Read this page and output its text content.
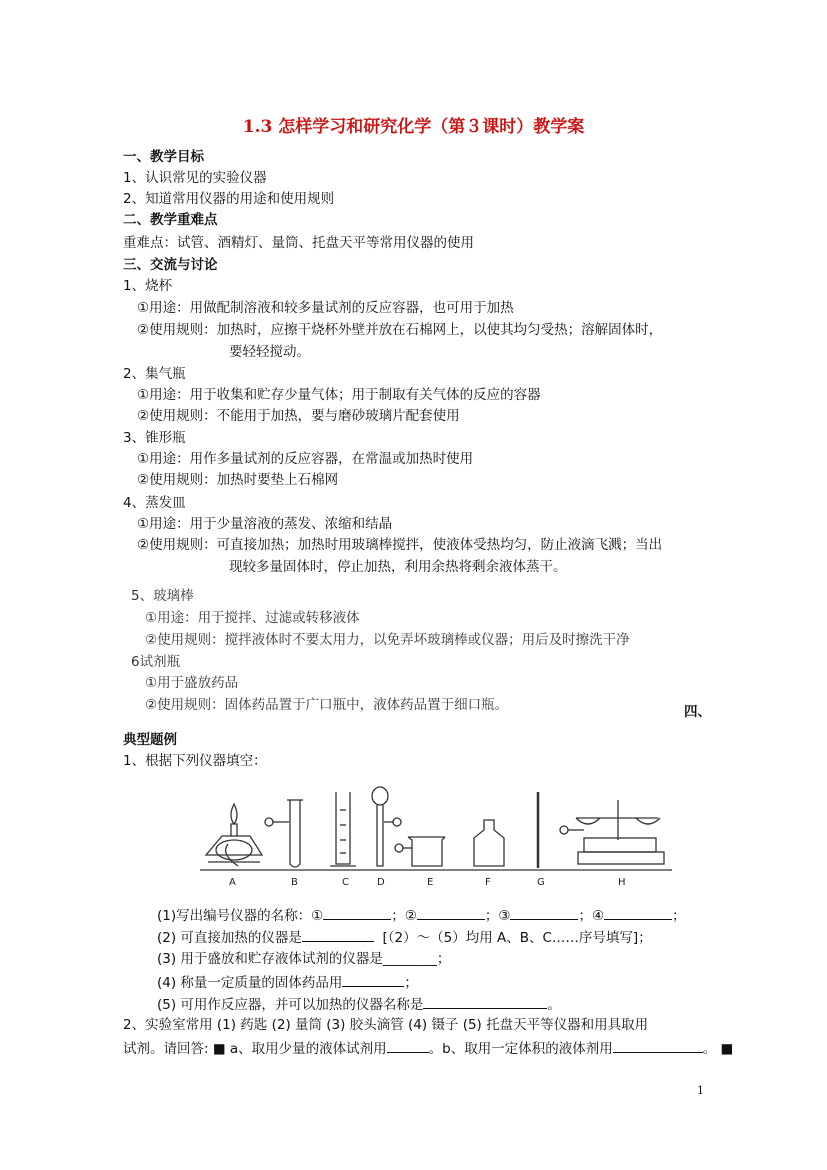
1.3 怎样学习和研究化学（第３课时）教学案
一、教学目标
1、认识常见的实验仪器
2、知道常用仪器的用途和使用规则
二、教学重难点
重难点：试管、酒精灯、量筒、托盘天平等常用仪器的使用
三、交流与讨论
1、烧杯
①用途：用做配制溶液和较多量试剂的反应容器，也可用于加热
②使用规则：加热时，应擦干烧杯外壁并放在石棉网上，以使其均匀受热；溶解固体时，
要轻轻搅动。
2、集气瓶
①用途：用于收集和贮存少量气体；用于制取有关气体的反应的容器
②使用规则：不能用于加热，要与磨砂玻璃片配套使用
3、锥形瓶
①用途：用作多量试剂的反应容器，在常温或加热时使用
②使用规则：加热时要垫上石棉网
4、蒸发皿
①用途：用于少量溶液的蒸发、浓缩和结晶
②使用规则：可直接加热；加热时用玻璃棒搅拌，使液体受热均匀，防止液滴飞溅；当出
现较多量固体时，停止加热，利用余热将剩余液体蒸干。
5、玻璃棒
①用途：用于搅拌、过滤或转移液体
②使用规则：搅拌液体时不要太用力，以免弄坏玻璃棒或仪器；用后及时擦洗干净
6试剂瓶
①用于盛放药品
②使用规则：固体药品置于广口瓶中，液体药品置于细口瓶。	四、
典型题例
1、根据下列仪器填空：
A	B	C	D	E	F	G	H
(1)写出编号仪器的名称：①	；②	；③	；④	；
(2) 可直接加热的仪器是	[（2）～（5）均用 A、B、C……序号填写]；
(3) 用于盛放和贮存液体试剂的仪器是________；
(4) 称量一定质量的固体药品用	；
(5) 可用作反应器，并可以加热的仪器名称是	。
2、实验室常用 (1) 药匙 (2) 量筒 (3) 胶头滴管 (4) 镊子 (5) 托盘天平等仪器和用具取用
试剂。请回答: ■ a、取用少量的液体试剂用	。b、取用一定体积的液体剂用	。 ■
1
